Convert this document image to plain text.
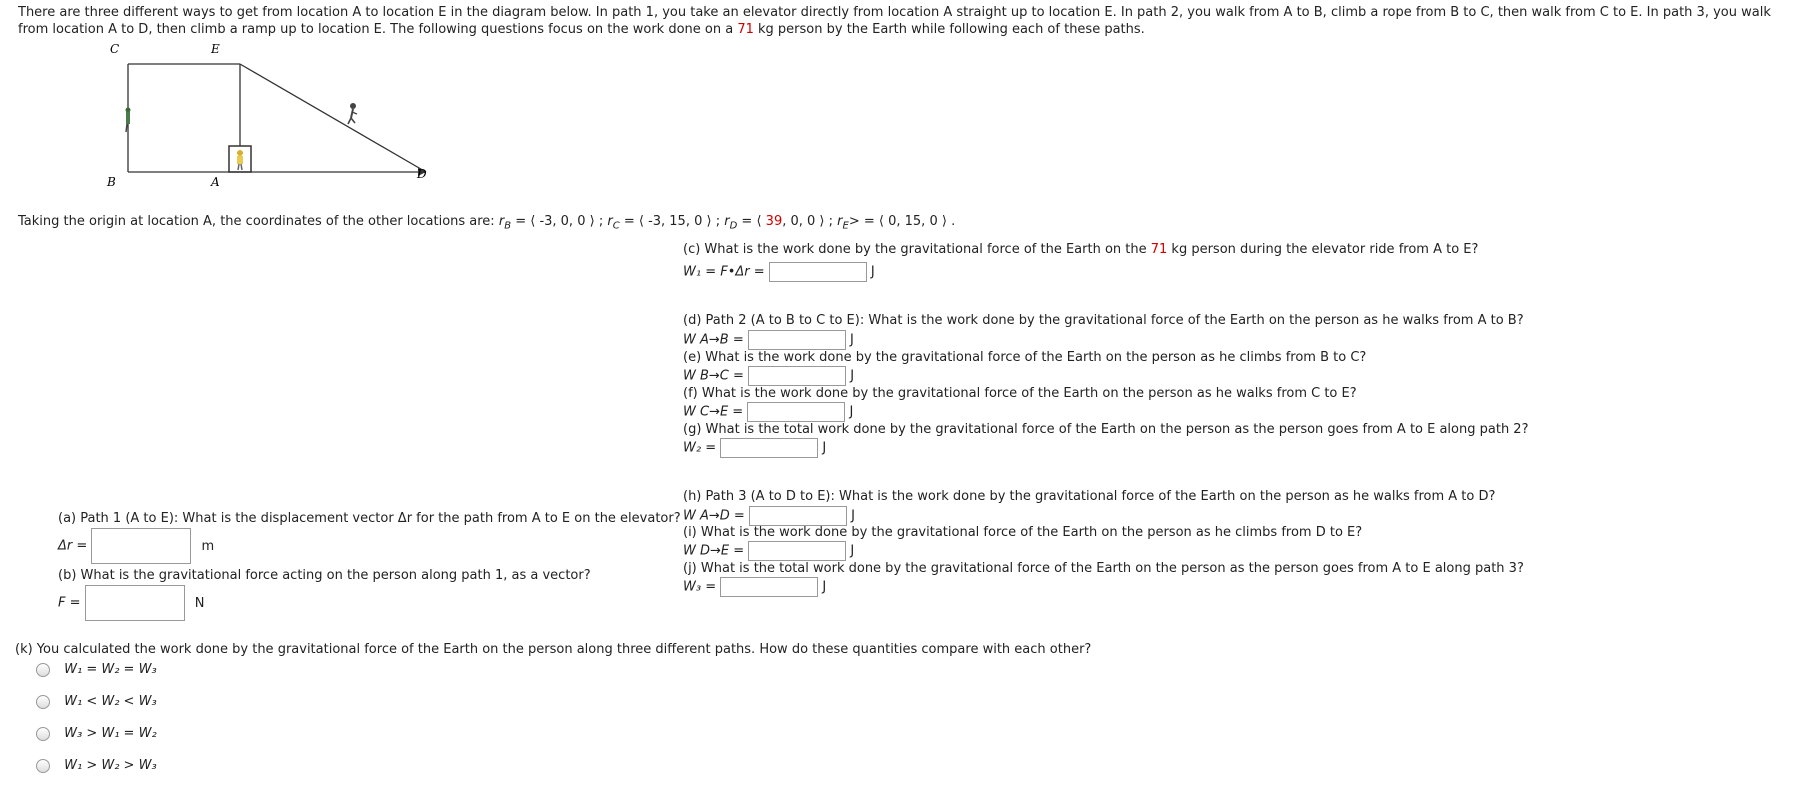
There are three different ways to get from location A to location E in the diagram below. In path 1, you take an elevator directly from location A straight up to location E. In path 2, you walk from A to B, climb a rope from B to C, then walk from C to E. In path 3, you walk from location A to D, then climb a ramp up to location E. The following questions focus on the work done on a 71 kg person by the Earth while following each of these paths.
C	E
B	A
D
Taking the origin at location A, the coordinates of the other locations are: $r_B$ = ⟨ -3, 0, 0 ⟩ ; $r_C$ = ⟨ -3, 15, 0 ⟩ ; $r_D$ = ⟨ 39, 0, 0 ⟩ ; $r_E>$ = ⟨ 0, 15, 0 ⟩ .
(c) What is the work done by the gravitational force of the Earth on the 71 kg person during the elevator ride from A to E?
W₁ = F•Δr =	J
(d) Path 2 (A to B to C to E): What is the work done by the gravitational force of the Earth on the person as he walks from A to B?
W A→B =	J
(e) What is the work done by the gravitational force of the Earth on the person as he climbs from B to C?
W B→C =	J
(f) What is the work done by the gravitational force of the Earth on the person as he walks from C to E?
W C→E =	J
(g) What is the total work done by the gravitational force of the Earth on the person as the person goes from A to E along path 2?
W₂ =	J
(h) Path 3 (A to D to E): What is the work done by the gravitational force of the Earth on the person as he walks from A to D?
W A→D =	J
(i) What is the work done by the gravitational force of the Earth on the person as he climbs from D to E?
W D→E =	J
(j) What is the total work done by the gravitational force of the Earth on the person as the person goes from A to E along path 3?
W₃ =	J
(a) Path 1 (A to E): What is the displacement vector Δr for the path from A to E on the elevator?
Δr =	m
(b) What is the gravitational force acting on the person along path 1, as a vector?
F =	N
(k) You calculated the work done by the gravitational force of the Earth on the person along three different paths. How do these quantities compare with each other?
W₁ = W₂ = W₃
W₁ < W₂ < W₃
W₃ > W₁ = W₂
W₁ > W₂ > W₃
